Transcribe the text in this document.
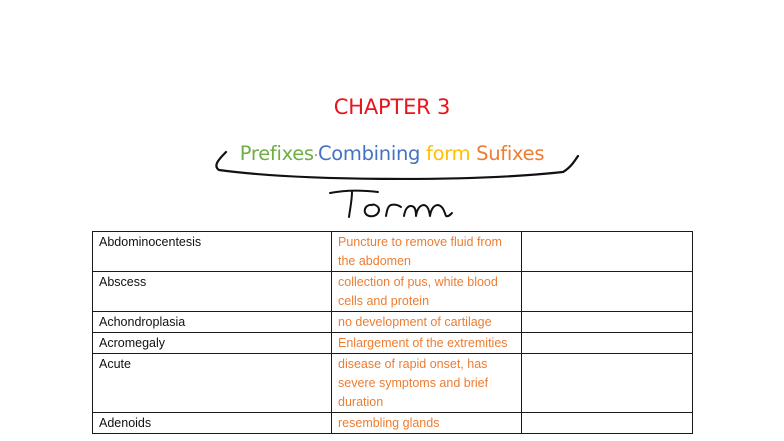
CHAPTER 3
Prefixes·Combining form Sufixes
Abdominocentesis	Puncture to remove fluid from the abdomen	
Abscess	collection of pus, white blood cells and protein	
Achondroplasia	no development of cartilage	
Acromegaly	Enlargement of the extremities	
Acute	disease of rapid onset, has severe symptoms and brief duration	
Adenoids	resembling glands	
